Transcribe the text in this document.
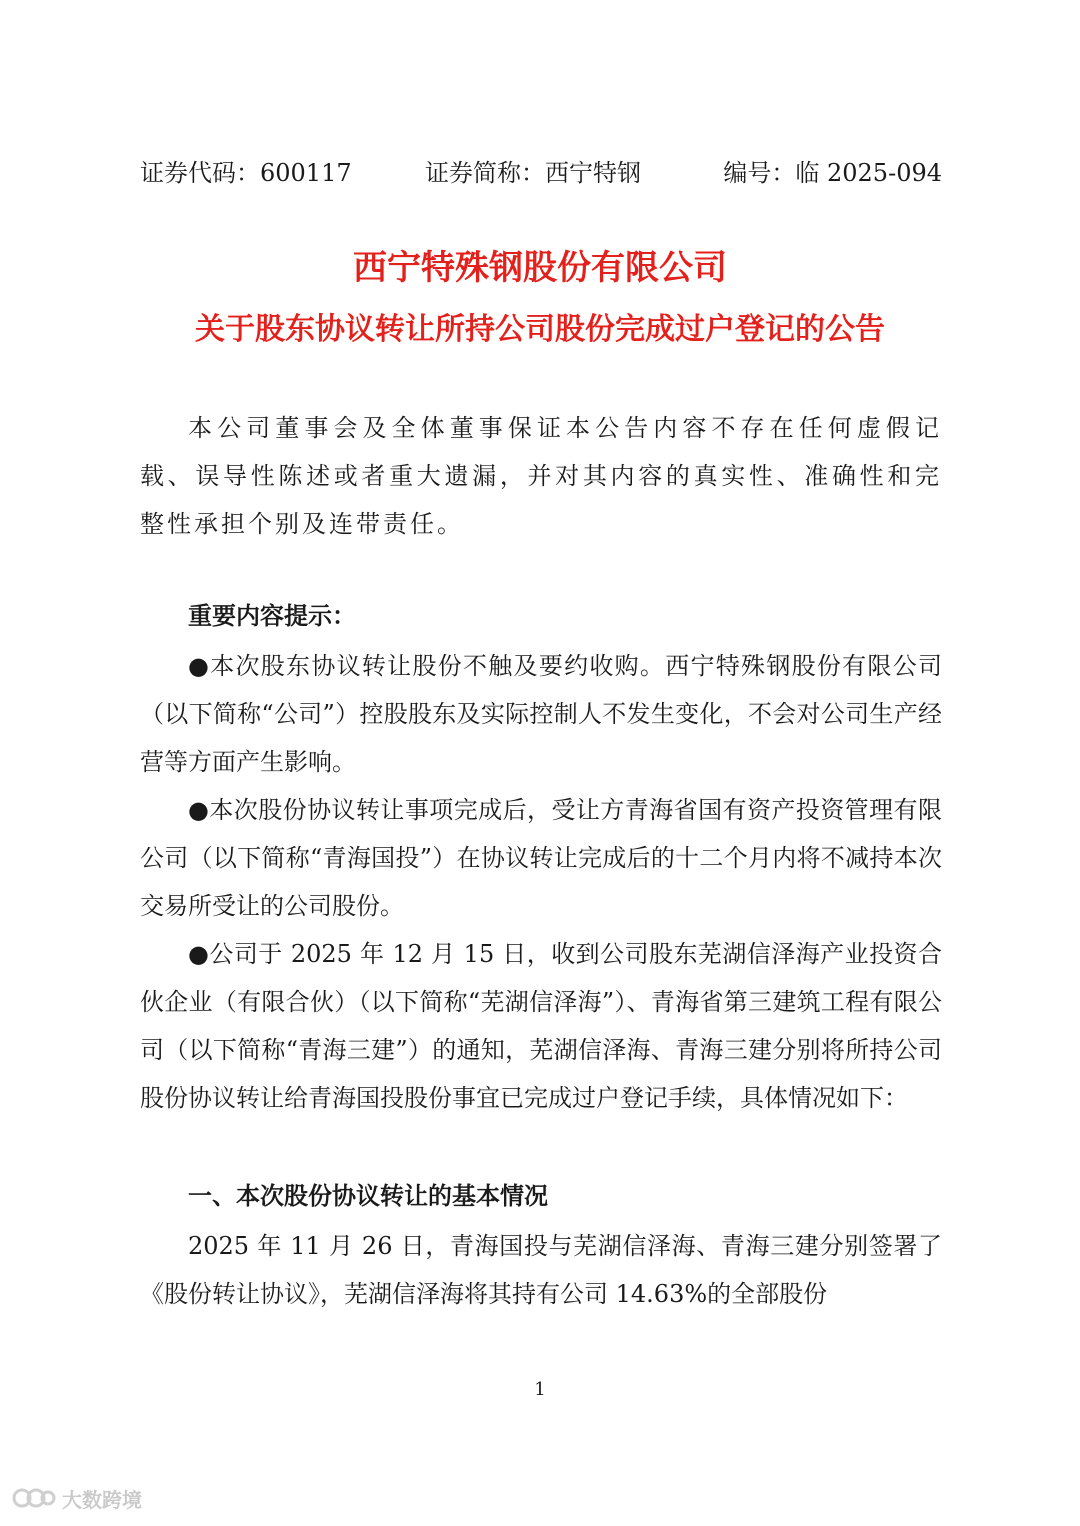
证券代码：600117	证券简称：西宁特钢	编号：临 2025-094
西宁特殊钢股份有限公司
关于股东协议转让所持公司股份完成过户登记的公告
本公司董事会及全体董事保证本公告内容不存在任何虚假记载、误导性陈述或者重大遗漏，并对其内容的真实性、准确性和完整性承担个别及连带责任。
重要内容提示：
●本次股东协议转让股份不触及要约收购。西宁特殊钢股份有限公司（以下简称“公司”）控股股东及实际控制人不发生变化，不会对公司生产经营等方面产生影响。
●本次股份协议转让事项完成后，受让方青海省国有资产投资管理有限公司（以下简称“青海国投”）在协议转让完成后的十二个月内将不减持本次交易所受让的公司股份。
●公司于 2025 年 12 月 15 日，收到公司股东芜湖信泽海产业投资合伙企业（有限合伙）（以下简称“芜湖信泽海”）、青海省第三建筑工程有限公司（以下简称“青海三建”）的通知，芜湖信泽海、青海三建分别将所持公司股份协议转让给青海国投股份事宜已完成过户登记手续，具体情况如下：
一、本次股份协议转让的基本情况
2025 年 11 月 26 日，青海国投与芜湖信泽海、青海三建分别签署了《股份转让协议》，芜湖信泽海将其持有公司 14.63%的全部股份
1
大数跨境
